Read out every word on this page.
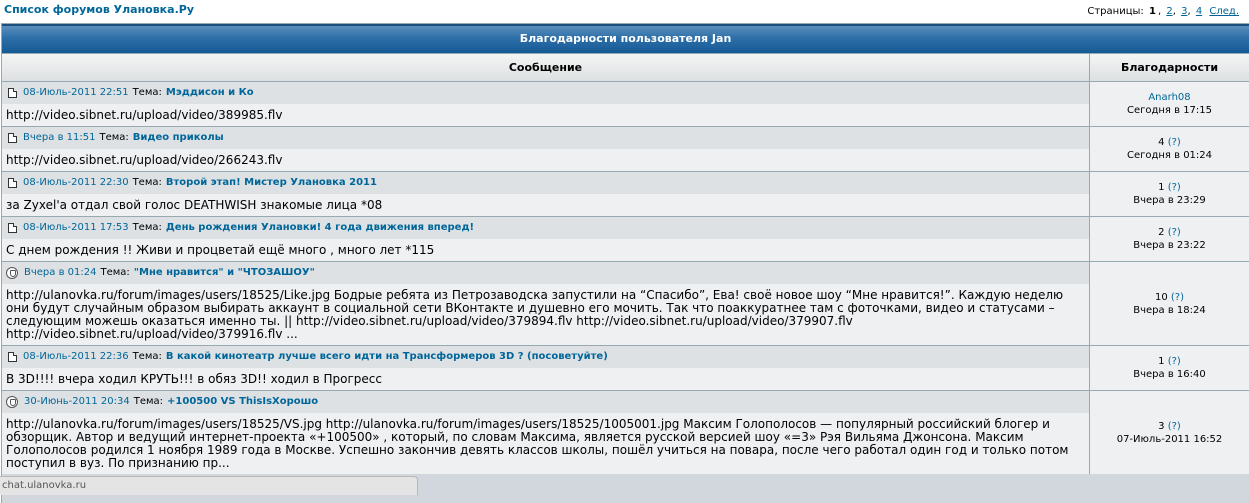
Список форумов Улановка.Ру	Страницы: 1 , 2, 3, 4 След.
Благодарности пользователя Jan
Сообщение	Благодарности
08-Июль-2011 22:51 Тема: Мэддисон и Ко
http://video.sibnet.ru/upload/video/389985.flv
Anarh08
Сегодня в 17:15
Вчера в 11:51 Тема: Видео приколы
http://video.sibnet.ru/upload/video/266243.flv
4 (?)
Сегодня в 01:24
08-Июль-2011 22:30 Тема: Второй этап! Мистер Улановка 2011
за Zyxel'a отдал свой голос DEATHWISH знакомые лица *08
1 (?)
Вчера в 23:29
08-Июль-2011 17:53 Тема: День рождения Улановки! 4 года движения вперед!
С днем рождения !! Живи и процветай ещё много , много лет *115
2 (?)
Вчера в 23:22
Вчера в 01:24 Тема: "Мне нравится" и "ЧТОЗАШОУ"
http://ulanovka.ru/forum/images/users/18525/Like.jpg Бодрые ребята из Петрозаводска запустили на “Спасибо”, Ева! своё новое шоу “Мне нравится!”. Каждую неделю они будут случайным образом выбирать аккаунт в социальной сети ВКонтакте и душевно его мочить. Так что поаккуратнее там с фоточками, видео и статусами – следующим можешь оказаться именно ты. || http://video.sibnet.ru/upload/video/379894.flv http://video.sibnet.ru/upload/video/379907.flv http://video.sibnet.ru/upload/video/379916.flv ...
10 (?)
Вчера в 18:24
08-Июль-2011 22:36 Тема: В какой кинотеатр лучше всего идти на Трансформеров 3D ? (посоветуйте)
В 3D!!!! вчера ходил КРУТЬ!!! в обяз 3D!! ходил в Прогресс
1 (?)
Вчера в 16:40
30-Июнь-2011 20:34 Тема: +100500 VS ThisIsХорошо
http://ulanovka.ru/forum/images/users/18525/VS.jpg http://ulanovka.ru/forum/images/users/18525/1005001.jpg Максим Голополосов — популярный российский блогер и обзорщик. Автор и ведущий интернет-проекта «+100500» , который, по словам Максима, является русской версией шоу «=3» Рэя Вильяма Джонсона. Максим Голополосов родился 1 ноября 1989 года в Москве. Успешно закончив девять классов школы, пошёл учиться на повара, после чего работал один год и только потом поступил в вуз. По признанию пр...
3 (?)
07-Июль-2011 16:52
chat.ulanovka.ru
